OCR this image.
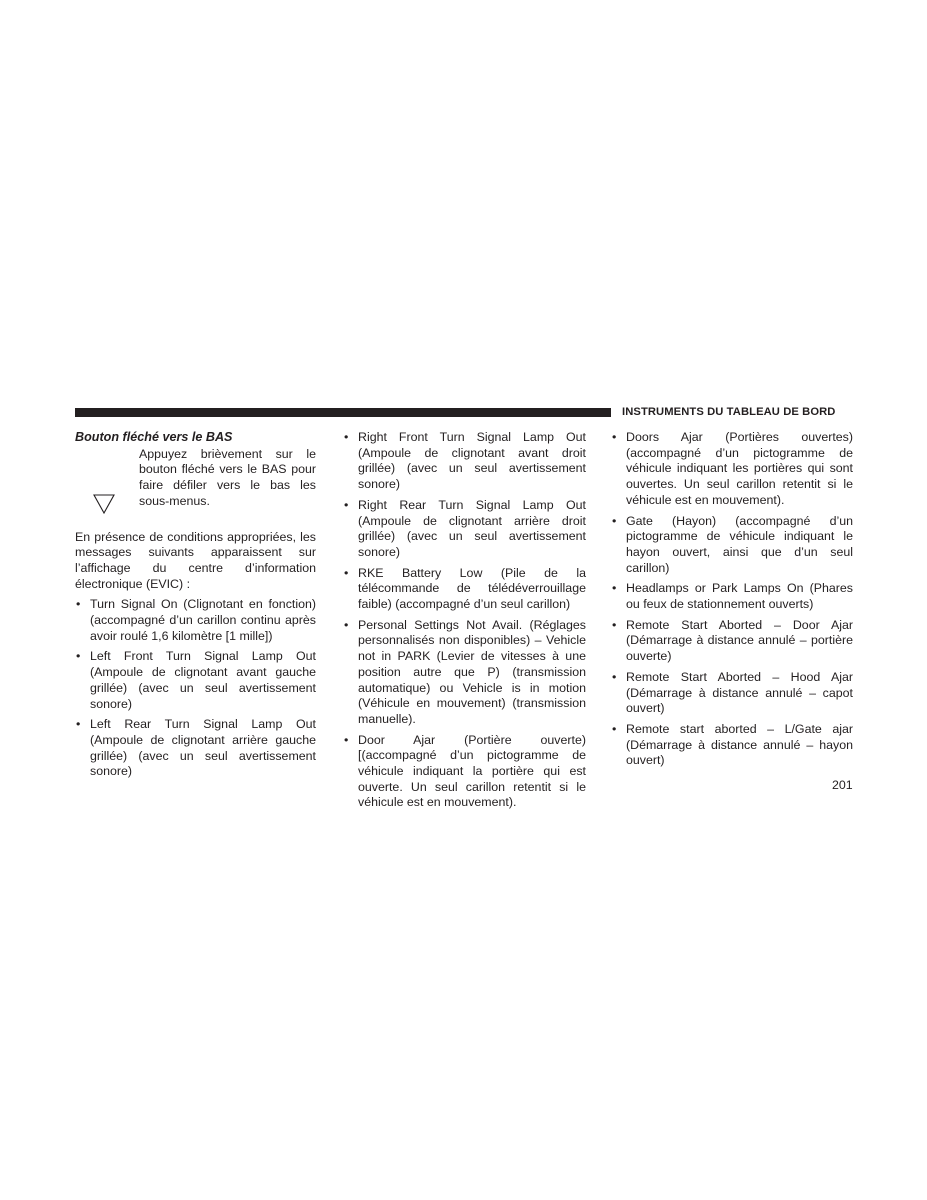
INSTRUMENTS DU TABLEAU DE BORD
Bouton fléché vers le BAS
Appuyez brièvement sur le bouton fléché vers le BAS pour faire défiler vers le bas les sous-menus.

En présence de conditions appropriées, les messages suivants apparaissent sur l’affichage du centre d’information électronique (EVIC) :

• Turn Signal On (Clignotant en fonction) (accompagné d’un carillon continu après avoir roulé 1,6 kilomètre [1 mille])
• Left Front Turn Signal Lamp Out (Ampoule de clignotant avant gauche grillée) (avec un seul avertissement sonore)
• Left Rear Turn Signal Lamp Out (Ampoule de clignotant arrière gauche grillée) (avec un seul avertissement sonore)
• Right Front Turn Signal Lamp Out (Ampoule de clignotant avant droit grillée) (avec un seul avertissement sonore)
• Right Rear Turn Signal Lamp Out (Ampoule de clignotant arrière droit grillée) (avec un seul avertissement sonore)
• RKE Battery Low (Pile de la télécommande de télédéverrouillage faible) (accompagné d’un seul carillon)
• Personal Settings Not Avail. (Réglages personnalisés non disponibles) – Vehicle not in PARK (Levier de vitesses à une position autre que P) (transmission automatique) ou Vehicle is in motion (Véhicule en mouvement) (transmission manuelle).
• Door Ajar (Portière ouverte) [(accompagné d’un pictogramme de véhicule indiquant la portière qui est ouverte. Un seul carillon retentit si le véhicule est en mouvement).
• Doors Ajar (Portières ouvertes) (accompagné d’un pictogramme de véhicule indiquant les portières qui sont ouvertes. Un seul carillon retentit si le véhicule est en mouvement).
• Gate (Hayon) (accompagné d’un pictogramme de véhicule indiquant le hayon ouvert, ainsi que d’un seul carillon)
• Headlamps or Park Lamps On (Phares ou feux de stationnement ouverts)
• Remote Start Aborted – Door Ajar (Démarrage à distance annulé – portière ouverte)
• Remote Start Aborted – Hood Ajar (Démarrage à distance annulé – capot ouvert)
• Remote start aborted – L/Gate ajar (Démarrage à distance annulé – hayon ouvert)
201
